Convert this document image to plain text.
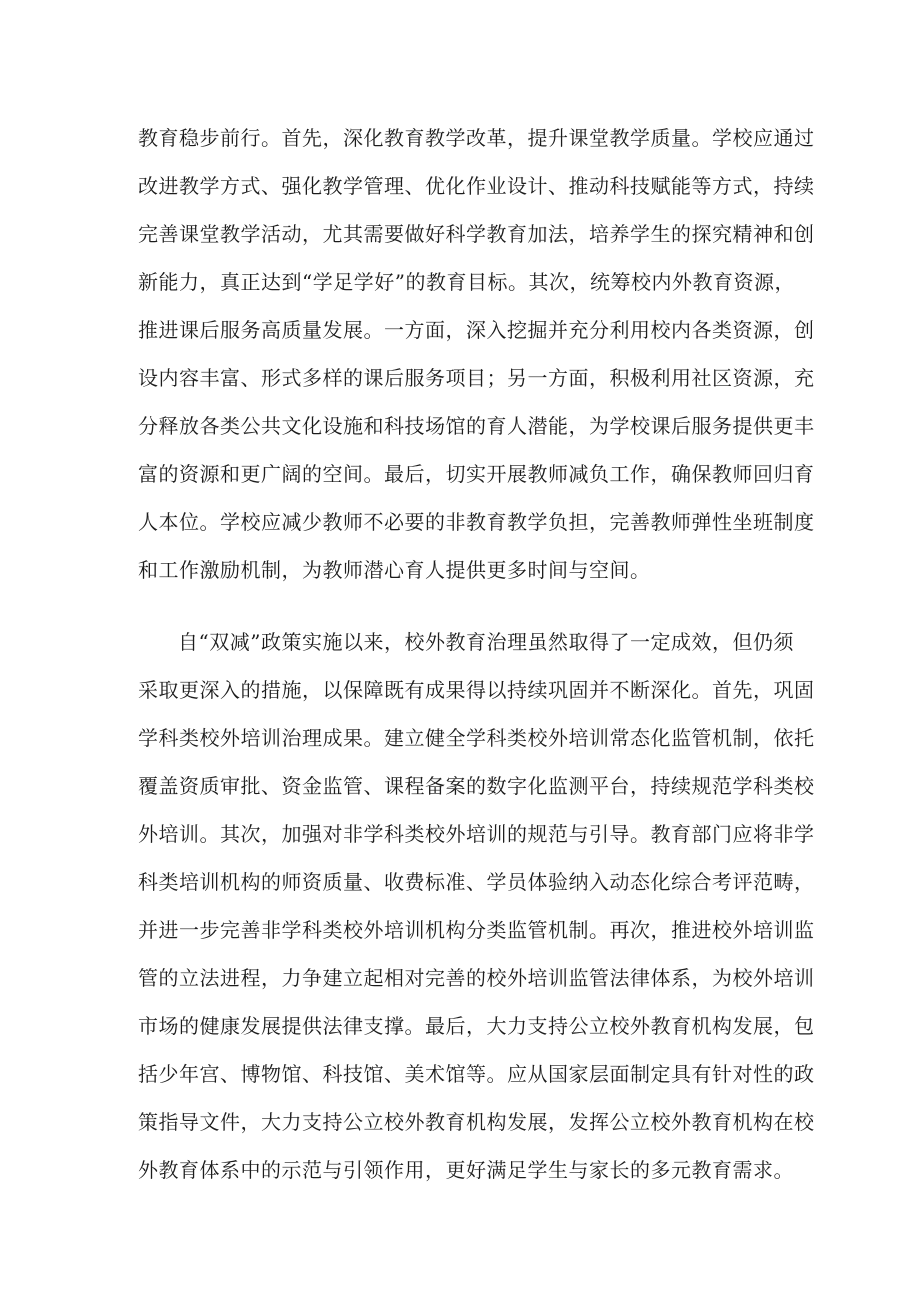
教育稳步前行。首先，深化教育教学改革，提升课堂教学质量。学校应通过
改进教学方式、强化教学管理、优化作业设计、推动科技赋能等方式，持续
完善课堂教学活动，尤其需要做好科学教育加法，培养学生的探究精神和创
新能力，真正达到“学足学好”的教育目标。其次，统筹校内外教育资源，
推进课后服务高质量发展。一方面，深入挖掘并充分利用校内各类资源，创
设内容丰富、形式多样的课后服务项目；另一方面，积极利用社区资源，充
分释放各类公共文化设施和科技场馆的育人潜能，为学校课后服务提供更丰
富的资源和更广阔的空间。最后，切实开展教师减负工作，确保教师回归育
人本位。学校应减少教师不必要的非教育教学负担，完善教师弹性坐班制度
和工作激励机制，为教师潜心育人提供更多时间与空间。
自“双减”政策实施以来，校外教育治理虽然取得了一定成效，但仍须
采取更深入的措施，以保障既有成果得以持续巩固并不断深化。首先，巩固
学科类校外培训治理成果。建立健全学科类校外培训常态化监管机制，依托
覆盖资质审批、资金监管、课程备案的数字化监测平台，持续规范学科类校
外培训。其次，加强对非学科类校外培训的规范与引导。教育部门应将非学
科类培训机构的师资质量、收费标准、学员体验纳入动态化综合考评范畴，
并进一步完善非学科类校外培训机构分类监管机制。再次，推进校外培训监
管的立法进程，力争建立起相对完善的校外培训监管法律体系，为校外培训
市场的健康发展提供法律支撑。最后，大力支持公立校外教育机构发展，包
括少年宫、博物馆、科技馆、美术馆等。应从国家层面制定具有针对性的政
策指导文件，大力支持公立校外教育机构发展，发挥公立校外教育机构在校
外教育体系中的示范与引领作用，更好满足学生与家长的多元教育需求。
